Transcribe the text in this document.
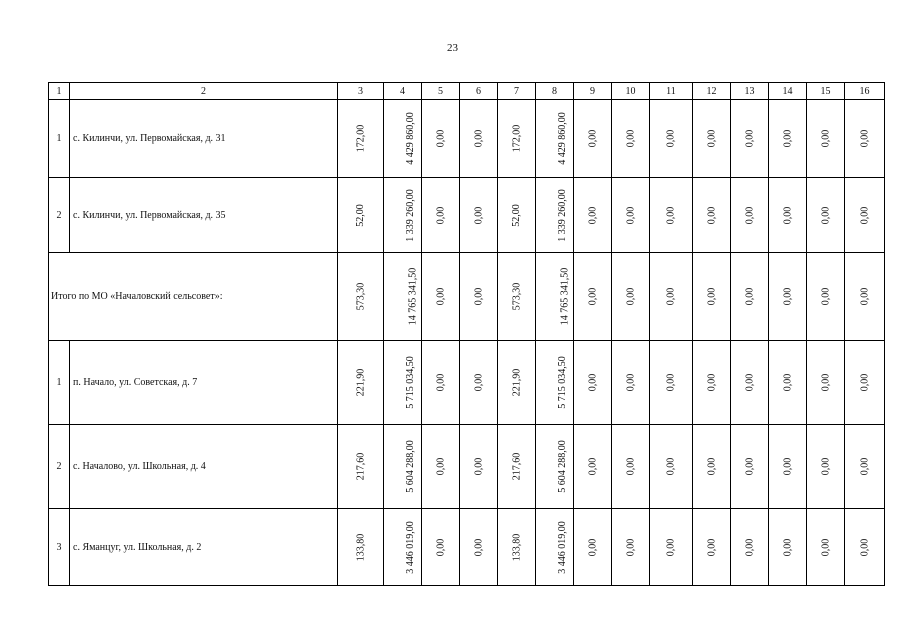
23
1	2	3	4	5	6	7	8	9	10	11	12	13	14	15	16
1	с. Килинчи, ул. Первомайская, д. 31	172,00	4 429 860,00	0,00	0,00	172,00	4 429 860,00	0,00	0,00	0,00	0,00	0,00	0,00	0,00	0,00
2	с. Килинчи, ул. Первомайская, д. 35	52,00	1 339 260,00	0,00	0,00	52,00	1 339 260,00	0,00	0,00	0,00	0,00	0,00	0,00	0,00	0,00
Итого по МО «Началовский сельсовет»:		573,30	14 765 341,50	0,00	0,00	573,30	14 765 341,50	0,00	0,00	0,00	0,00	0,00	0,00	0,00	0,00
1	п. Начало, ул. Советская, д. 7	221,90	5 715 034,50	0,00	0,00	221,90	5 715 034,50	0,00	0,00	0,00	0,00	0,00	0,00	0,00	0,00
2	с. Началово, ул. Школьная, д. 4	217,60	5 604 288,00	0,00	0,00	217,60	5 604 288,00	0,00	0,00	0,00	0,00	0,00	0,00	0,00	0,00
3	с. Яманцуг, ул. Школьная, д. 2	133,80	3 446 019,00	0,00	0,00	133,80	3 446 019,00	0,00	0,00	0,00	0,00	0,00	0,00	0,00	0,00
